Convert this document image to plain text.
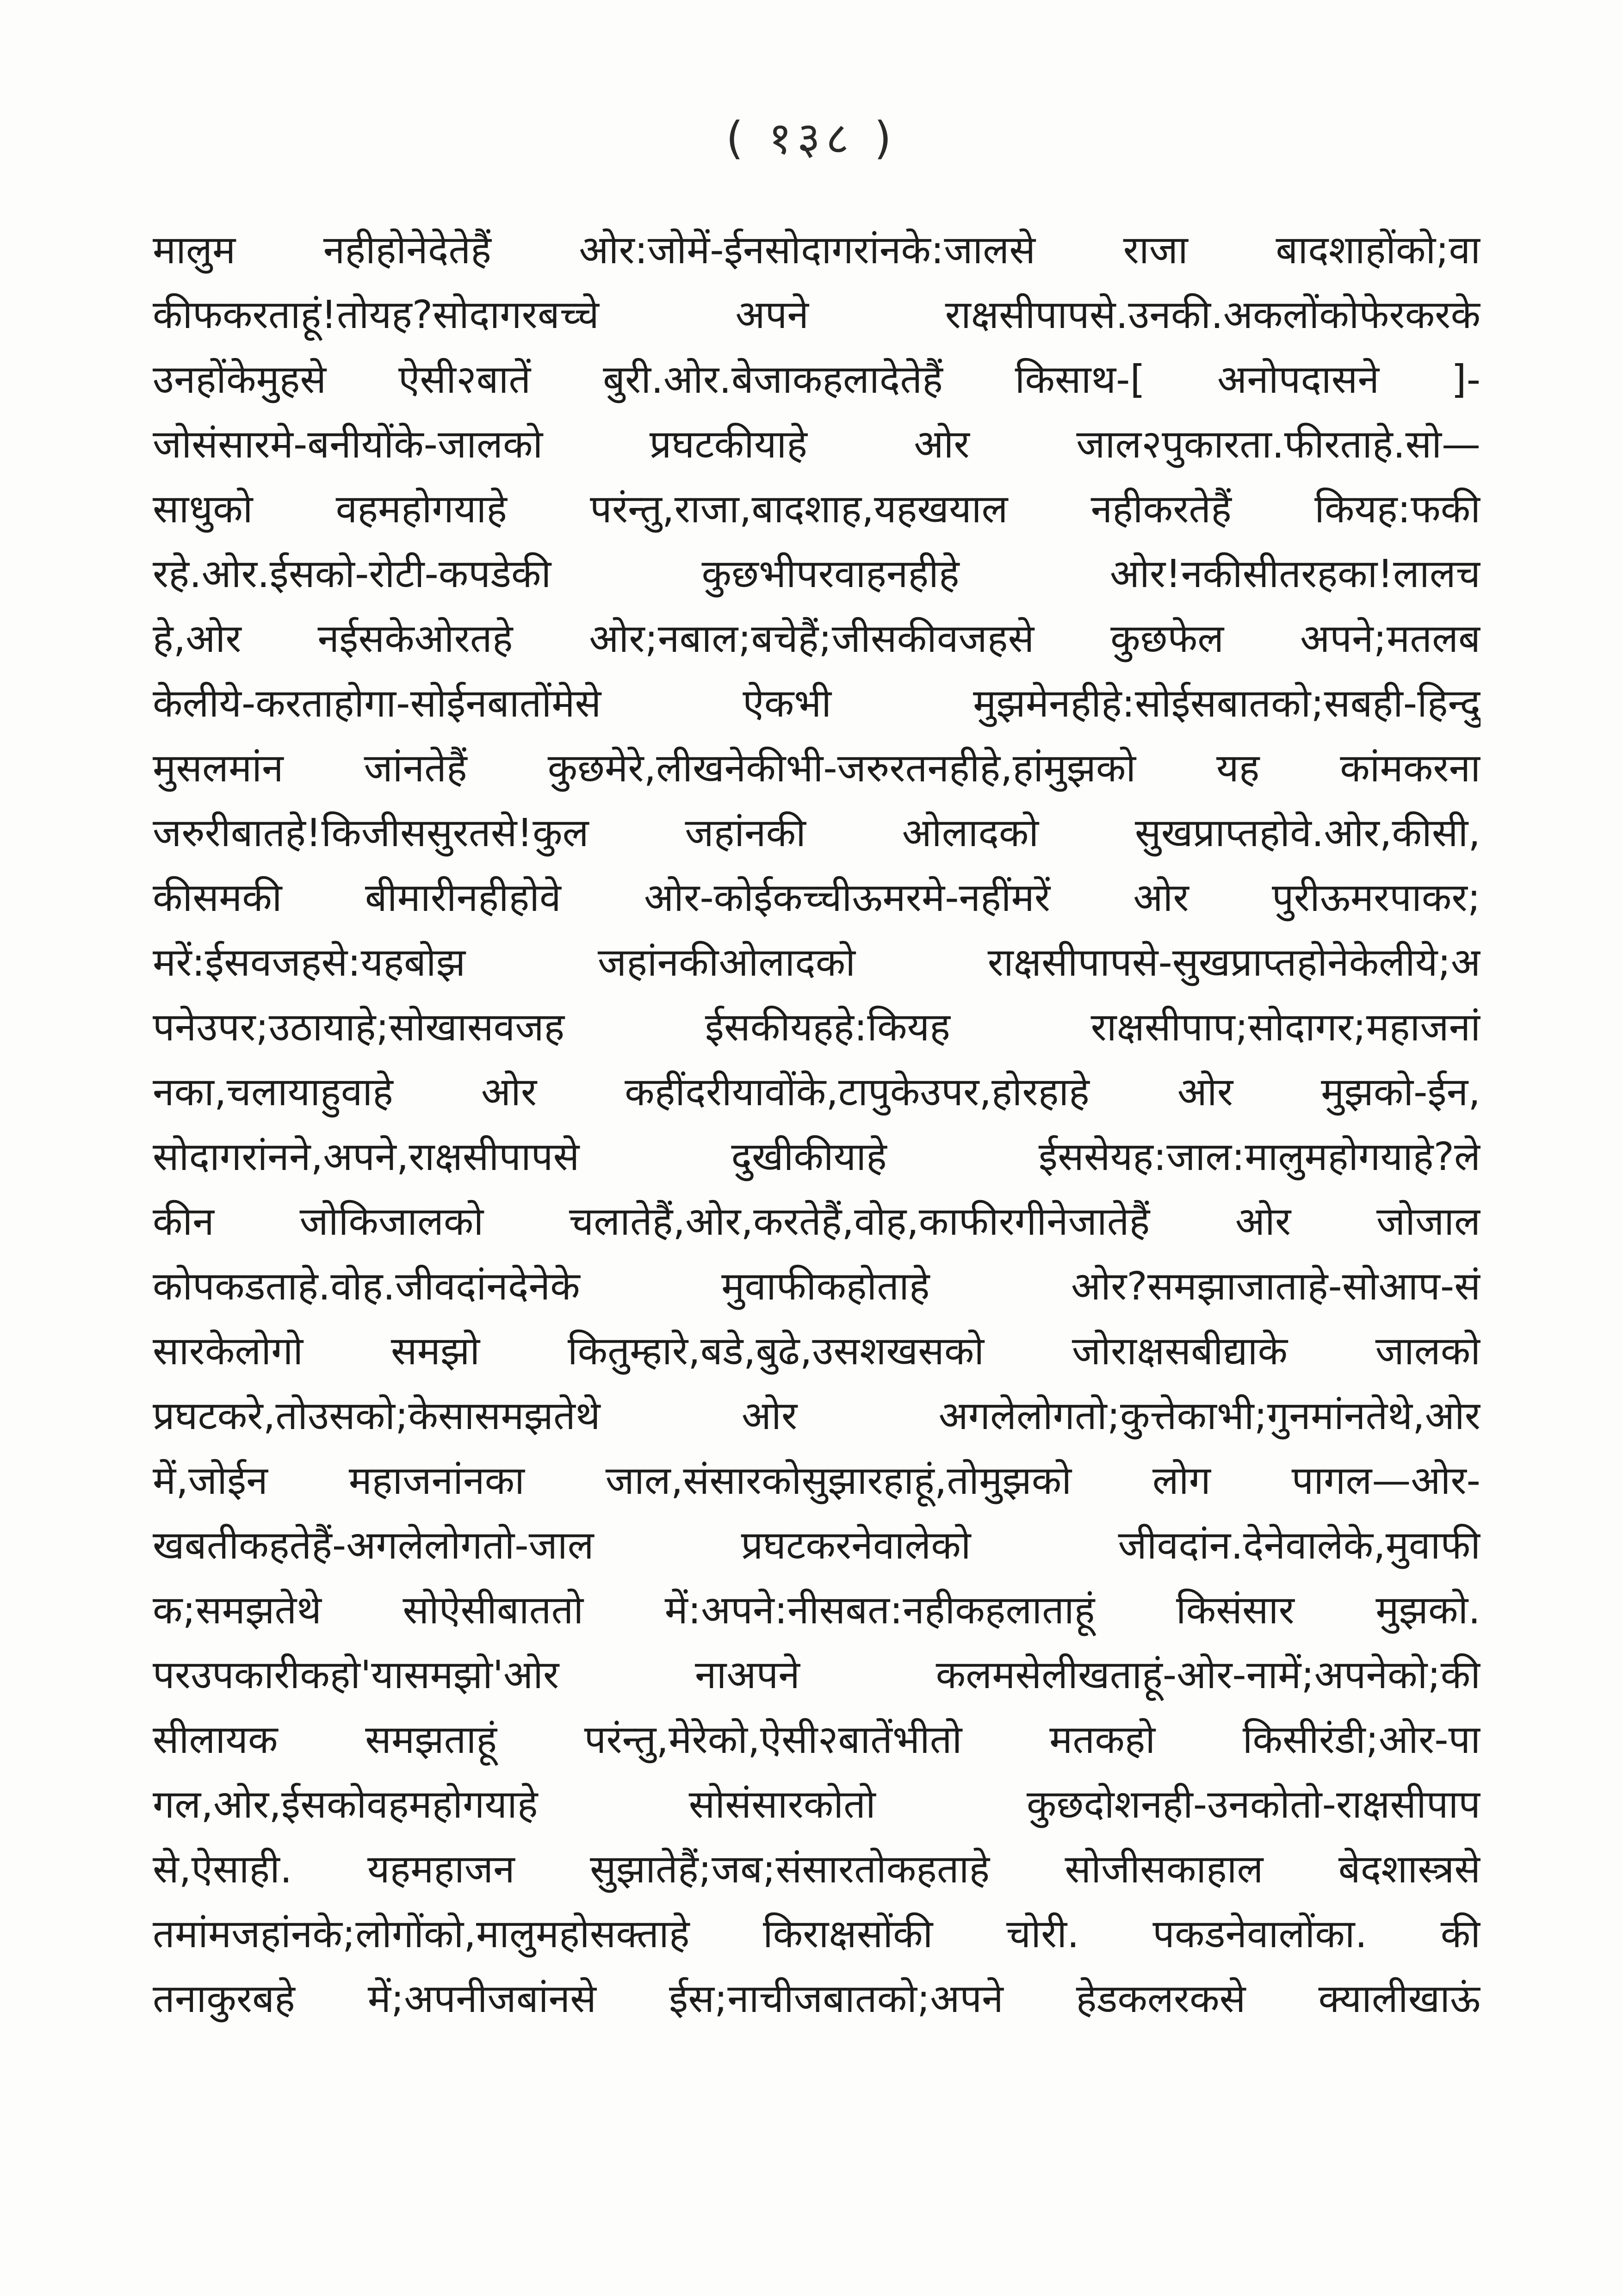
( १३८ )
मालुम नहीहोनेदेतेहैं ओर:जोमें-ईनसोदागरांनके:जालसे राजा बादशाहोंको;वा
कीफकरताहूं!तोयह?सोदागरबच्चे अपने राक्षसीपापसे.उनकी.अकलोंकोफेरकरके
उनहोंकेमुहसे ऐसी२बातें बुरी.ओर.बेजाकहलादेतेहैं किसाथ-[ अनोपदासने ]-
जोसंसारमे-बनीयोंके-जालको प्रघटकीयाहे ओर जाल२पुकारता.फीरताहे.सो—
साधुको वहमहोगयाहे परंन्तु,राजा,बादशाह,यहखयाल नहीकरतेहैं कियह:फकी
रहे.ओर.ईसको-रोटी-कपडेकी कुछभीपरवाहनहीहे ओर!नकीसीतरहका!लालच
हे,ओर नईसकेओरतहे ओर;नबाल;बचेहैं;जीसकीवजहसे कुछफेल अपने;मतलब
केलीये-करताहोगा-सोईनबातोंमेसे ऐकभी मुझमेनहीहे:सोईसबातको;सबही-हिन्दु
मुसलमांन जांनतेहैं कुछमेरे,लीखनेकीभी-जरुरतनहीहे,हांमुझको यह कांमकरना
जरुरीबातहे!किजीससुरतसे!कुल जहांनकी ओलादको सुखप्राप्तहोवे.ओर,कीसी,
कीसमकी बीमारीनहीहोवे ओर-कोईकच्चीऊमरमे-नहींमरें ओर पुरीऊमरपाकर;
मरें:ईसवजहसे:यहबोझ जहांनकीओलादको राक्षसीपापसे-सुखप्राप्तहोनेकेलीये;अ
पनेउपर;उठायाहे;सोखासवजह ईसकीयहहे:कियह राक्षसीपाप;सोदागर;महाजनां
नका,चलायाहुवाहे ओर कहींदरीयावोंके,टापुकेउपर,होरहाहे ओर मुझको-ईन,
सोदागरांनने,अपने,राक्षसीपापसे दुखीकीयाहे ईससेयह:जाल:मालुमहोगयाहे?ले
कीन जोकिजालको चलातेहैं,ओर,करतेहैं,वोह,काफीरगीनेजातेहैं ओर जोजाल
कोपकडताहे.वोह.जीवदांनदेनेके मुवाफीकहोताहे ओर?समझाजाताहे-सोआप-सं
सारकेलोगो समझो कितुम्हारे,बडे,बुढे,उसशखसको जोराक्षसबीद्याके जालको
प्रघटकरे,तोउसको;केसासमझतेथे ओर अगलेलोगतो;कुत्तेकाभी;गुनमांनतेथे,ओर
में,जोईन महाजनांनका जाल,संसारकोसुझारहाहूं,तोमुझको लोग पागल—ओर-
खबतीकहतेहैं-अगलेलोगतो-जाल प्रघटकरनेवालेको जीवदांन.देनेवालेके,मुवाफी
क;समझतेथे सोऐसीबाततो में:अपने:नीसबत:नहीकहलाताहूं किसंसार मुझको.
परउपकारीकहो'यासमझो'ओर नाअपने कलमसेलीखताहूं-ओर-नामें;अपनेको;की
सीलायक समझताहूं परंन्तु,मेरेको,ऐसी२बातेंभीतो मतकहो किसीरंडी;ओर-पा
गल,ओर,ईसकोवहमहोगयाहे सोसंसारकोतो कुछदोशनही-उनकोतो-राक्षसीपाप
से,ऐसाही. यहमहाजन सुझातेहैं;जब;संसारतोकहताहे सोजीसकाहाल बेदशास्त्रसे
तमांमजहांनके;लोगोंको,मालुमहोसक्ताहे किराक्षसोंकी चोरी. पकडनेवालोंका. की
तनाकुरबहे में;अपनीजबांनसे ईस;नाचीजबातको;अपने हेडकलरकसे क्यालीखाऊं
